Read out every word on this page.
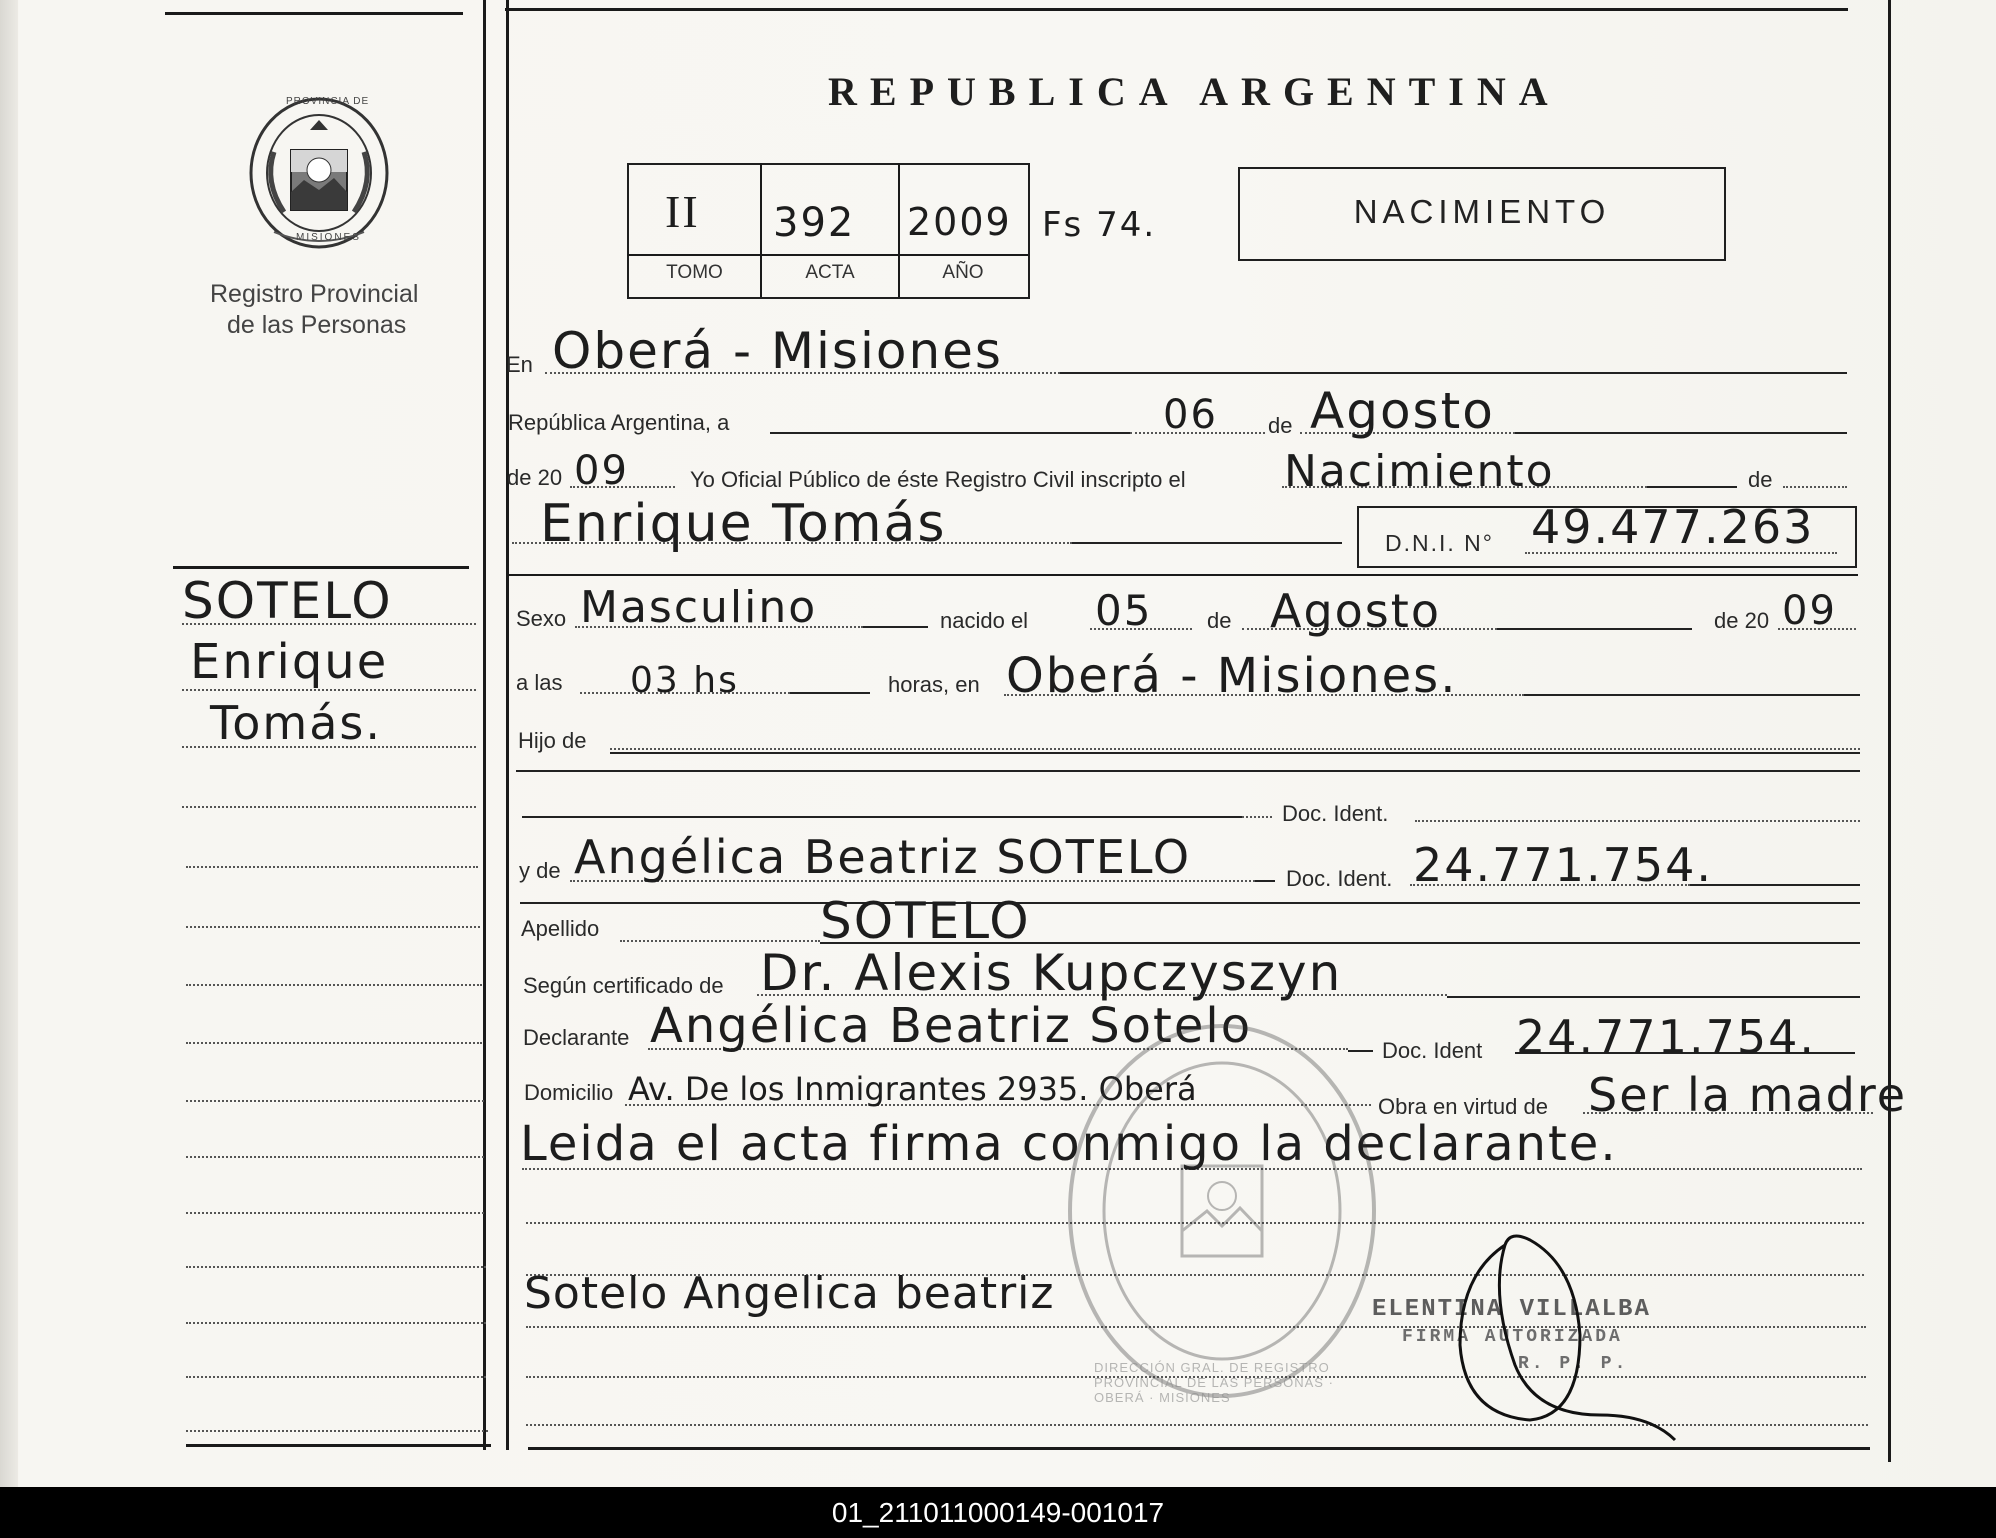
PROVINCIA DE
MISIONES
Registro Provincial
de las Personas
REPUBLICA ARGENTINA
II 392 2009
TOMO	ACTA	AÑO
Fs 74.	NACIMIENTO
SOTELO
Enrique
Tomás.
En Oberá - Misiones
República Argentina, a	06 de Agosto
de 20 09	Yo Oficial Público de éste Registro Civil inscripto el Nacimiento	de
Enrique Tomás	D.N.I. N° 49.477.263
Sexo Masculino	nacido el 05 de Agosto	de 20 09
a las 03 hs	horas, en Oberá - Misiones.
Hijo de
Doc. Ident.
y de Angélica Beatriz SOTELO	Doc. Ident. 24.771.754.
Apellido	SOTELO
Según certificado de Dr. Alexis Kupczyszyn
Declarante Angélica Beatriz Sotelo	Doc. Ident 24.771.754.
Domicilio Av. De los Inmigrantes 2935. Oberá	Obra en virtud de Ser la madre
Leida el acta firma conmigo la declarante.
Sotelo Angelica beatriz
DIRECCIÓN GRAL. DE REGISTRO PROVINCIAL DE LAS PERSONAS · OBERÁ · MISIONES
ELENTINA VILLALBA
FIRMA AUTORIZADA
R. P. P.
01_211011000149-001017
